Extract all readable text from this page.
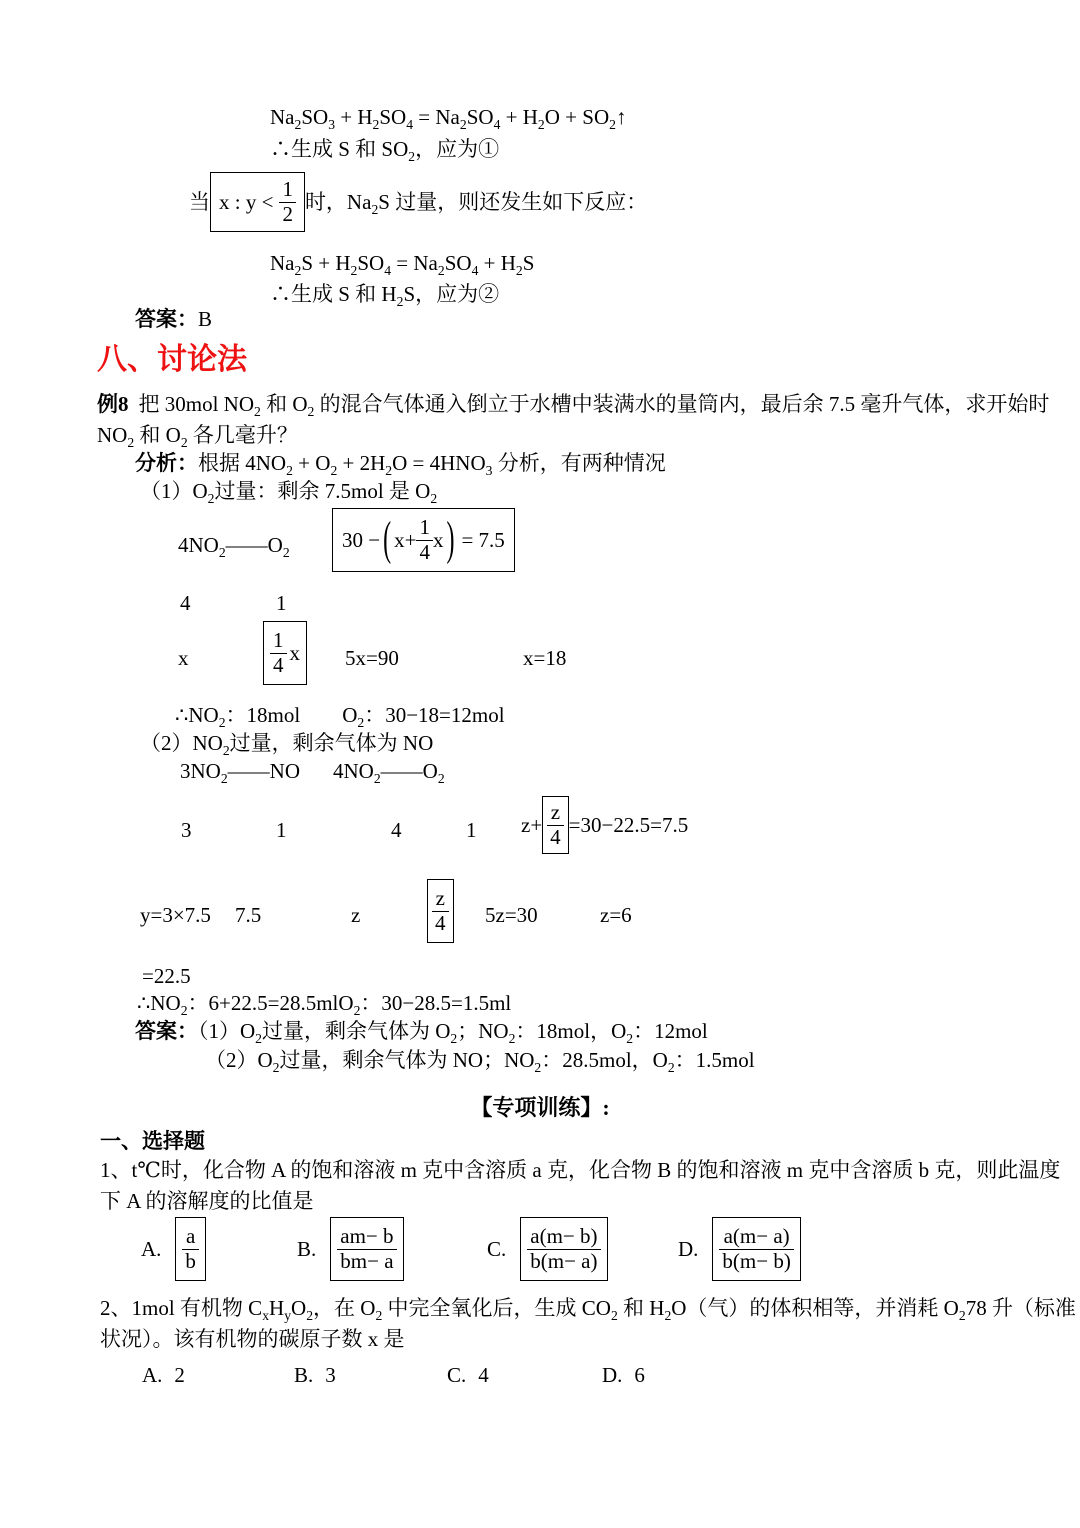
$Na_2SO_3 + H_2SO_4 = Na_2SO_4 + H_2O$ + $SO_2↑$
∴生成 S 和 $SO_2$，应为①
当 x : $y < \frac{1}{2}$ 时，$Na_2S$ 过量，则还发生如下反应：
$Na_2S + H_2SO_4 = Na_2SO_4 + H_2S$
∴生成 S 和 $H_2S$，应为②
答案：B
八、讨论法
例8 把 30mol $NO_2$ 和 $O_2$ 的混合气体通入倒立于水槽中装满水的量筒内，最后余 7.5 毫升气体，求开始时
$NO_2$ 和 $O_2$ 各几毫升？
分析：根据 $4NO_2 + O_2 + 2H_2O = 4HNO_3$ 分析，有两种情况
$(1)O_2$过量：剩余 7.5mol 是 $O_2$
$4NO_2——O_2$
30 − ( $x+ \frac{1}{4}$ x ) = 7.5
4	1
x	$\frac{1}{4}$ x 5x=90	x=18
$\therefore NO_2$：18mol　　$O_2$：30−18=12mol
$(2)NO_2$过量，剩余气体为 NO
$3NO_2——NO$ $4NO_2——O_2$
3	1	4	1 $z+ \frac{z}{4} =30-22.5=7.5$
y=3×7.5 7.5	z	$\frac{z}{4} 5z=30$	z=6
=22.5
$\therefore NO_2$：6+22.5=28.5mlO$_2$：30−28.5=1.5ml
答案：$(1)O_2$过量，剩余气体为 $O_2$；$NO_2$：18mol，$O_2$：12mol
$(2)O_2$过量，剩余气体为 NO；$NO_2$：28.5mol，$O_2$：1.5mol
【专项训练】:
一、选择题
1、t℃时，化合物 A 的饱和溶液 m 克中含溶质 a 克，化合物 B 的饱和溶液 m 克中含溶质 b 克，则此温度
下 A 的溶解度的比值是
A. $\frac{a}{b}$	B. $\frac{am- b}{bm- a}$	C. $\frac{a(m- b)}{b(m- a)}$	D. $\frac{a(m- a)}{b(m- b)}$
2、1mol 有机物 $C_xH_yO_2$，在 $O_2$ 中完全氧化后，生成 $CO_2$ 和 $H_2O$（气）的体积相等，并消耗 $O_278$ 升（标准
状况）。该有机物的碳原子数 x 是
A. 2	B. 3	C. 4	D. 6
